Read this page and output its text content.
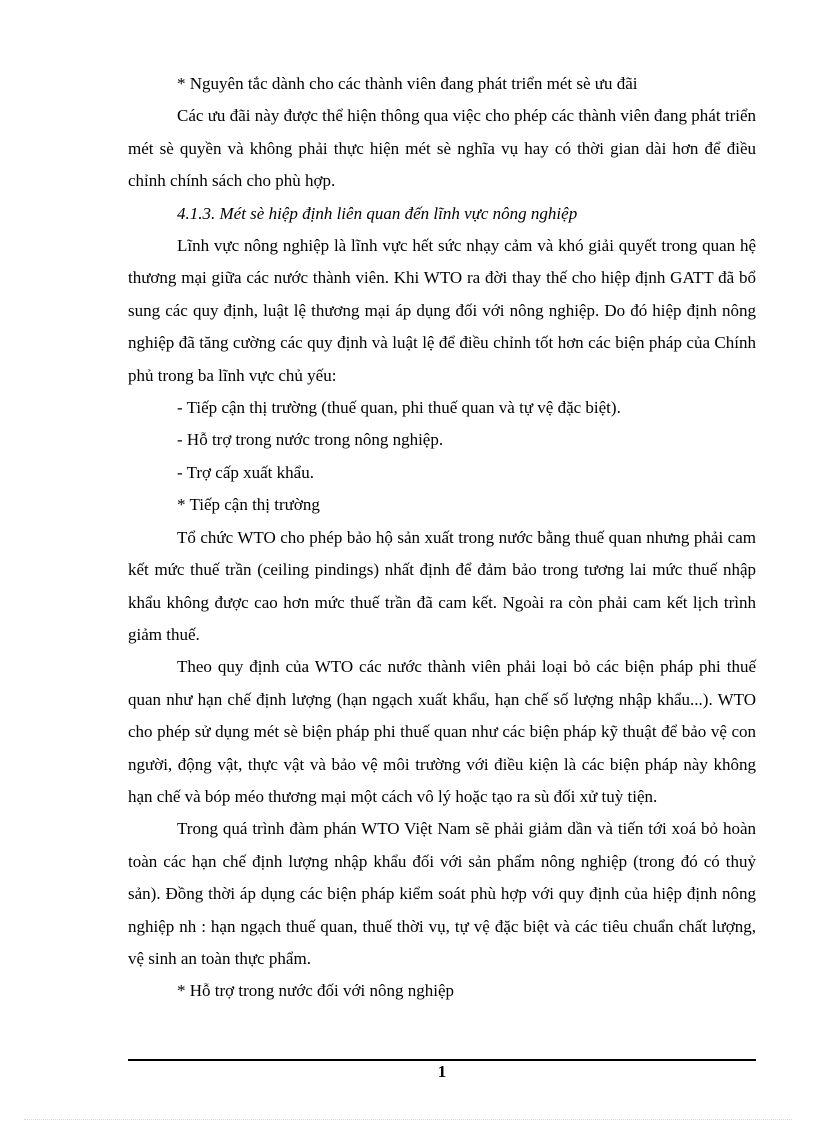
* Nguyên tắc dành cho các thành viên đang phát triển mét sè ưu đãi

Các ưu đãi này được thể hiện thông qua việc cho phép các thành viên đang phát triển mét sè quyền và không phải thực hiện mét sè nghĩa vụ hay có thời gian dài hơn để điều chỉnh chính sách cho phù hợp.

4.1.3. Mét sè hiệp định liên quan đến lĩnh vực nông nghiệp

Lĩnh vực nông nghiệp là lĩnh vực hết sức nhạy cảm và khó giải quyết trong quan hệ thương mại giữa các nước thành viên. Khi WTO ra đời thay thế cho hiệp định GATT đã bổ sung các quy định, luật lệ thương mại áp dụng đối với nông nghiệp. Do đó hiệp định nông nghiệp đã tăng cường các quy định và luật lệ để điều chỉnh tốt hơn các biện pháp của Chính phủ trong ba lĩnh vực chủ yếu:

- Tiếp cận thị trường (thuế quan, phi thuế quan và tự vệ đặc biệt).

- Hỗ trợ trong nước trong nông nghiệp.

- Trợ cấp xuất khẩu.

* Tiếp cận thị trường

Tổ chức WTO cho phép bảo hộ sản xuất trong nước bằng thuế quan nhưng phải cam kết mức thuế trần (ceiling pindings) nhất định để đảm bảo trong tương lai mức thuế nhập khẩu không được cao hơn mức thuế trần đã cam kết. Ngoài ra còn phải cam kết lịch trình giảm thuế.

Theo quy định của WTO các nước thành viên phải loại bỏ các biện pháp phi thuế quan như hạn chế định lượng (hạn ngạch xuất khẩu, hạn chế số lượng nhập khẩu...). WTO cho phép sử dụng mét sè biện pháp phi thuế quan như các biện pháp kỹ thuật để bảo vệ con người, động vật, thực vật và bảo vệ môi trường với điều kiện là các biện pháp này không hạn chế và bóp méo thương mại một cách vô lý hoặc tạo ra sù đối xử tuỳ tiện.

Trong quá trình đàm phán WTO Việt Nam sẽ phải giảm dần và tiến tới xoá bỏ hoàn toàn các hạn chế định lượng nhập khẩu đối với sản phẩm nông nghiệp (trong đó có thuỷ sản). Đồng thời áp dụng các biện pháp kiểm soát phù hợp với quy định của hiệp định nông nghiệp nh : hạn ngạch thuế quan, thuế thời vụ, tự vệ đặc biệt và các tiêu chuẩn chất lượng, vệ sinh an toàn thực phẩm.

* Hỗ trợ trong nước đối với nông nghiệp

1
